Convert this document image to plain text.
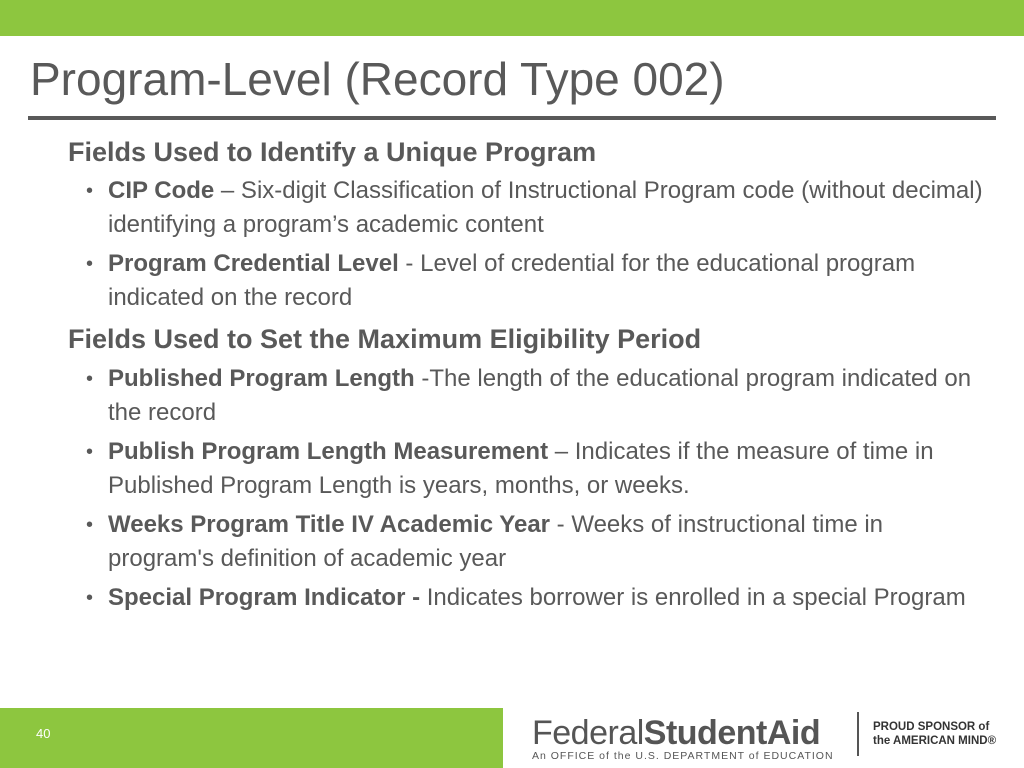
Program-Level (Record Type 002)
Fields Used to Identify a Unique Program
• CIP Code – Six-digit Classification of Instructional Program code (without decimal) identifying a program’s academic content
• Program Credential Level - Level of credential for the educational program indicated on the record
Fields Used to Set the Maximum Eligibility Period
• Published Program Length -The length of the educational program indicated on the record
• Publish Program Length Measurement – Indicates if the measure of time in Published Program Length is years, months, or weeks.
• Weeks Program Title IV Academic Year - Weeks of instructional time in program's definition of academic year
• Special Program Indicator - Indicates borrower is enrolled in a special Program
40	FederalStudentAid
An OFFICE of the U.S. DEPARTMENT of EDUCATION
PROUD SPONSOR of
the AMERICAN MIND®
